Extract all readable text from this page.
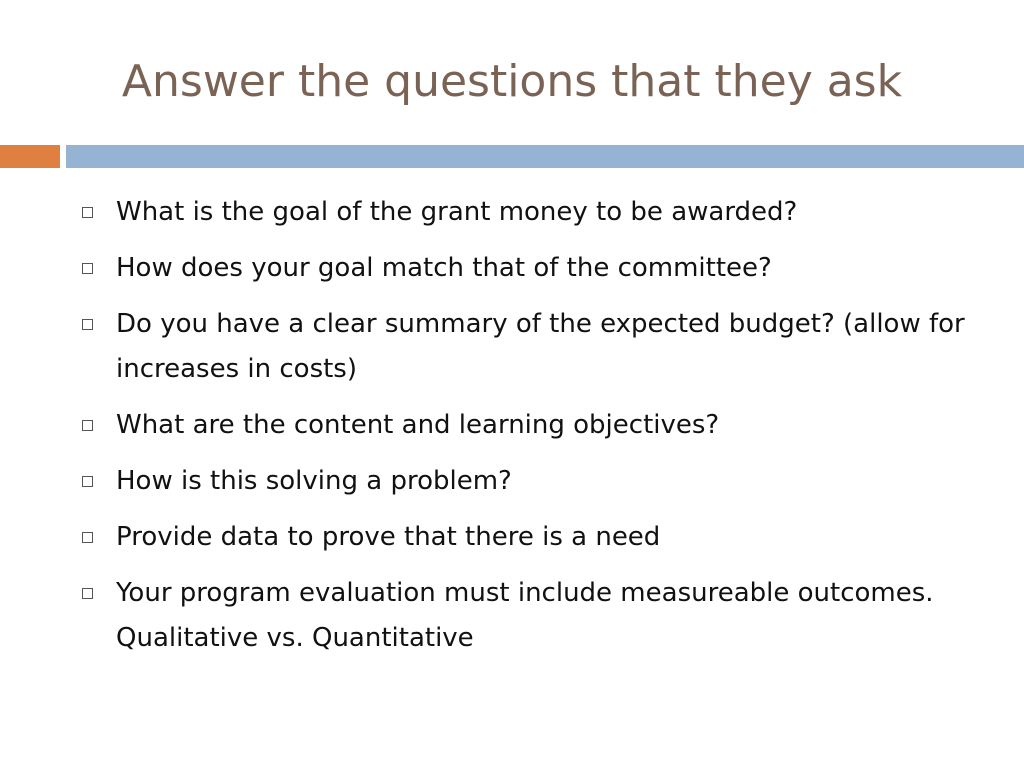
Answer the questions that they ask
What is the goal of the grant money to be awarded?
How does your goal match that of the committee?
Do you have a clear summary of the expected budget? (allow for increases in costs)
What are the content and learning objectives?
How is this solving a problem?
Provide data to prove that there is a need
Your program evaluation must include measureable outcomes.  Qualitative vs. Quantitative
